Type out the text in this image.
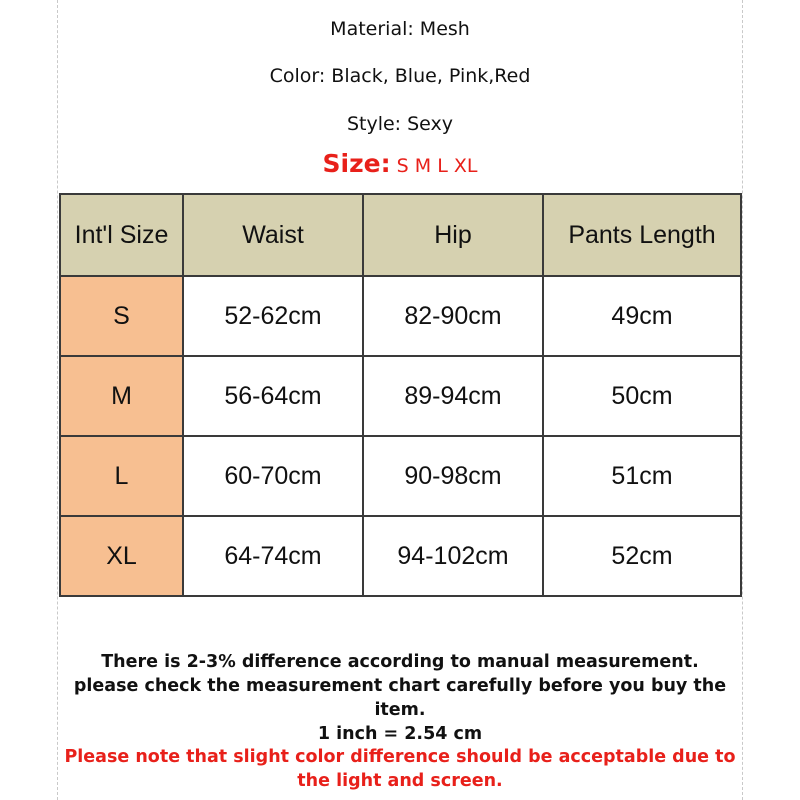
Material: Mesh
Color: Black, Blue, Pink,Red
Style: Sexy
Size: S M L XL
Int'l Size	Waist	Hip	Pants Length
S	52-62cm	82-90cm	49cm
M	56-64cm	89-94cm	50cm
L	60-70cm	90-98cm	51cm
XL	64-74cm	94-102cm	52cm
There is 2-3% difference according to manual measurement.
please check the measurement chart carefully before you buy the item.
1 inch = 2.54 cm
Please note that slight color difference should be acceptable due to the light and screen.
